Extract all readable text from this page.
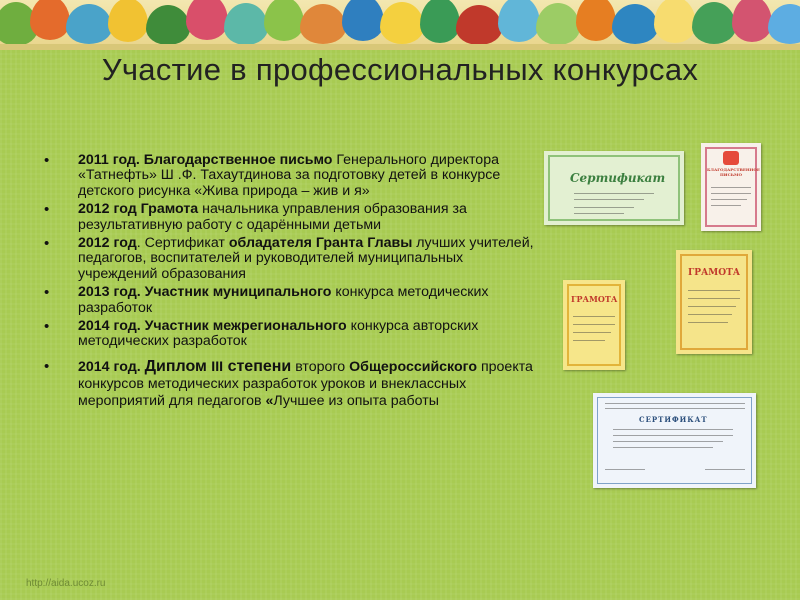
Участие в профессиональных конкурсах
• 2011 год. Благодарственное письмо Генерального директора «Татнефть» Ш .Ф. Тахаутдинова за подготовку детей в конкурсе детского рисунка «Жива природа – жив и я»
• 2012 год Грамота начальника управления образования за результативную работу с одарёнными детьми
• 2012 год. Сертификат обладателя Гранта Главы лучших учителей, педагогов, воспитателей и руководителей муниципальных учреждений образования
• 2013 год. Участник муниципального конкурса методических разработок
• 2014 год. Участник межрегионального конкурса авторских методических разработок
• 2014 год. Диплом III степени второго Общероссийского проекта конкурсов методических разработок уроков и внеклассных мероприятий для педагогов «Лучшее из опыта работы
Сертификат
БЛАГОДАРСТВЕННОЕ ПИСЬМО
ГРАМОТА
ГРАМОТА
СЕРТИФИКАТ
http://aida.ucoz.ru
